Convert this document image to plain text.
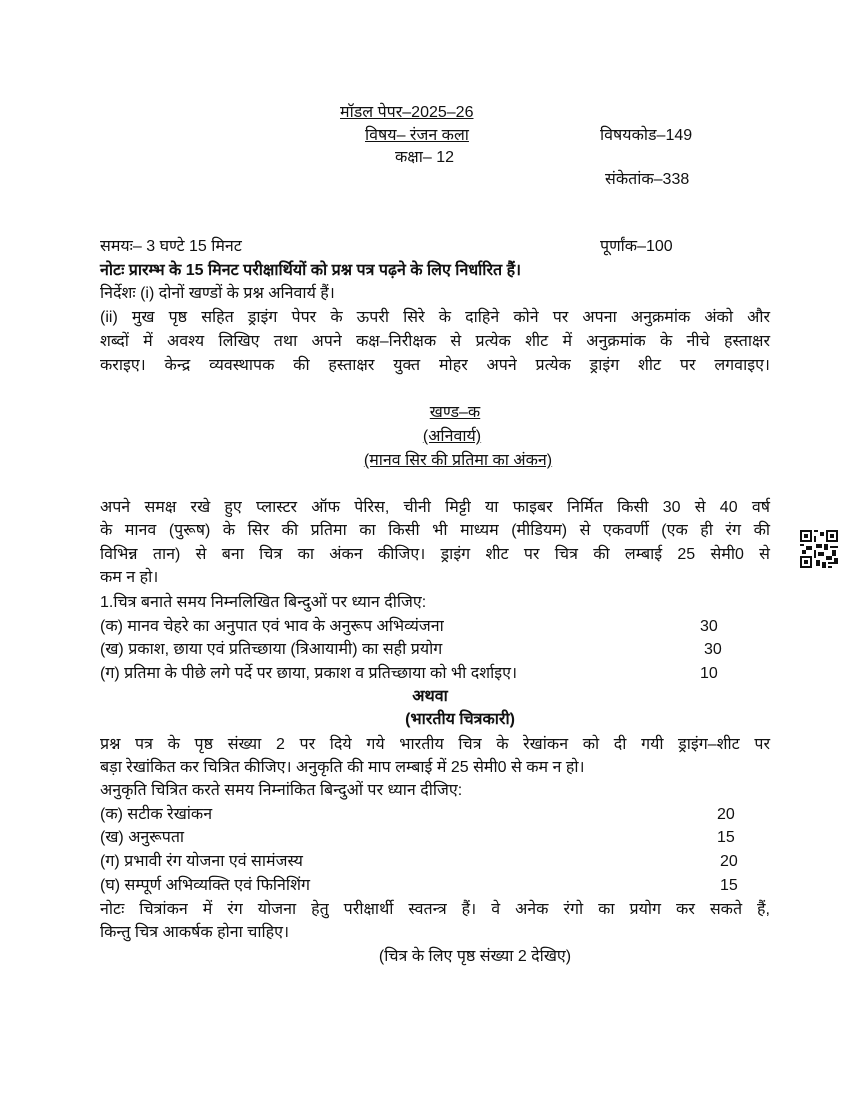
मॉडल पेपर–2025–26
विषय– रंजन कला
कक्षा– 12
विषयकोड–149
संकेतांक–338
समयः– 3 घण्टे 15 मिनट	पूर्णांक–100
नोटः प्रारम्भ के 15 मिनट परीक्षार्थियों को प्रश्न पत्र पढ़ने के लिए निर्धारित हैं।
निर्देशः (i) दोनों खण्डों के प्रश्न अनिवार्य हैं।
(ii) मुख पृष्ठ सहित ड्राइंग पेपर के ऊपरी सिरे के दाहिने कोने पर अपना अनुक्रमांक अंको और
शब्दों में अवश्य लिखिए तथा अपने कक्ष–निरीक्षक से प्रत्येक शीट में अनुक्रमांक के नीचे हस्ताक्षर
कराइए। केन्द्र व्यवस्थापक की हस्ताक्षर युक्त मोहर अपने प्रत्येक ड्राइंग शीट पर लगवाइए।
खण्ड–क
(अनिवार्य)
(मानव सिर की प्रतिमा का अंकन)
अपने समक्ष रखे हुए प्लास्टर ऑफ पेरिस, चीनी मिट्टी या फाइबर निर्मित किसी 30 से 40 वर्ष
के मानव (पुरूष) के सिर की प्रतिमा का किसी भी माध्यम (मीडियम) से एकवर्णी (एक ही रंग की
विभिन्न तान) से बना चित्र का अंकन कीजिए। ड्राइंग शीट पर चित्र की लम्बाई 25 सेमी0 से
कम न हो।
1.चित्र बनाते समय निम्नलिखित बिन्दुओं पर ध्यान दीजिए:
(क) मानव चेहरे का अनुपात एवं भाव के अनुरूप अभिव्यंजना	30
(ख) प्रकाश, छाया एवं प्रतिच्छाया (त्रिआयामी) का सही प्रयोग	30
(ग) प्रतिमा के पीछे लगे पर्दे पर छाया, प्रकाश व प्रतिच्छाया को भी दर्शाइए।	10
अथवा
(भारतीय चित्रकारी)
प्रश्न पत्र के पृष्ठ संख्या 2 पर दिये गये भारतीय चित्र के रेखांकन को दी गयी ड्राइंग–शीट पर
बड़ा रेखांकित कर चित्रित कीजिए। अनुकृति की माप लम्बाई में 25 सेमी0 से कम न हो।
अनुकृति चित्रित करते समय निम्नांकित बिन्दुओं पर ध्यान दीजिए:
(क) सटीक रेखांकन	20
(ख) अनुरूपता	15
(ग) प्रभावी रंग योजना एवं सामंजस्य	20
(घ) सम्पूर्ण अभिव्यक्ति एवं फिनिशिंग	15
नोटः चित्रांकन में रंग योजना हेतु परीक्षार्थी स्वतन्त्र हैं। वे अनेक रंगो का प्रयोग कर सकते हैं,
किन्तु चित्र आकर्षक होना चाहिए।
(चित्र के लिए पृष्ठ संख्या 2 देखिए)
